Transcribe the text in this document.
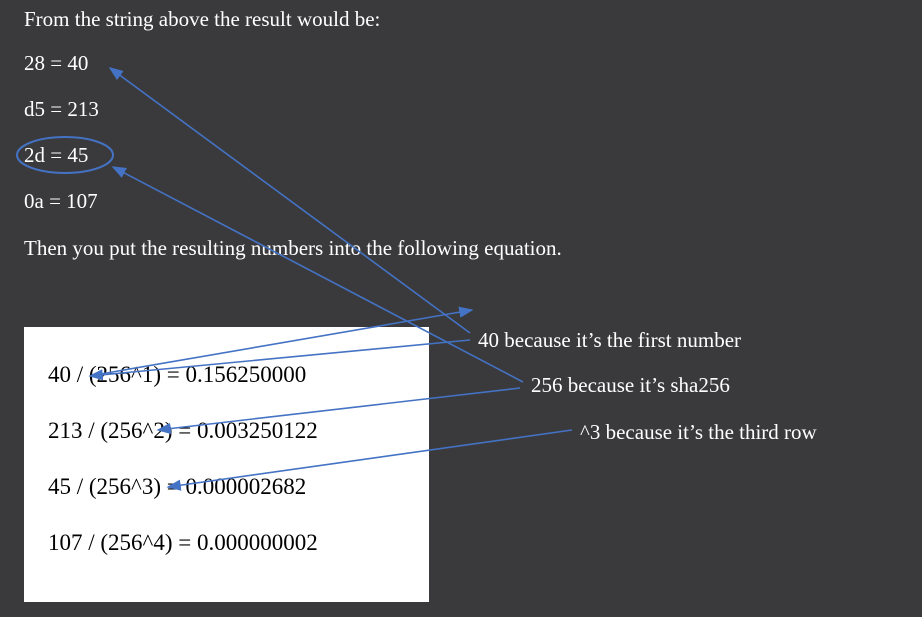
From the string above the result would be:
28 = 40
d5 = 213
2d = 45
0a = 107
Then you put the resulting numbers into the following equation.
40 / (256^1) = 0.156250000
213 / (256^2) = 0.003250122
45 / (256^3) = 0.000002682
107 / (256^4) = 0.000000002
40 because it’s the first number
256 because it’s sha256
^3 because it’s the third row
